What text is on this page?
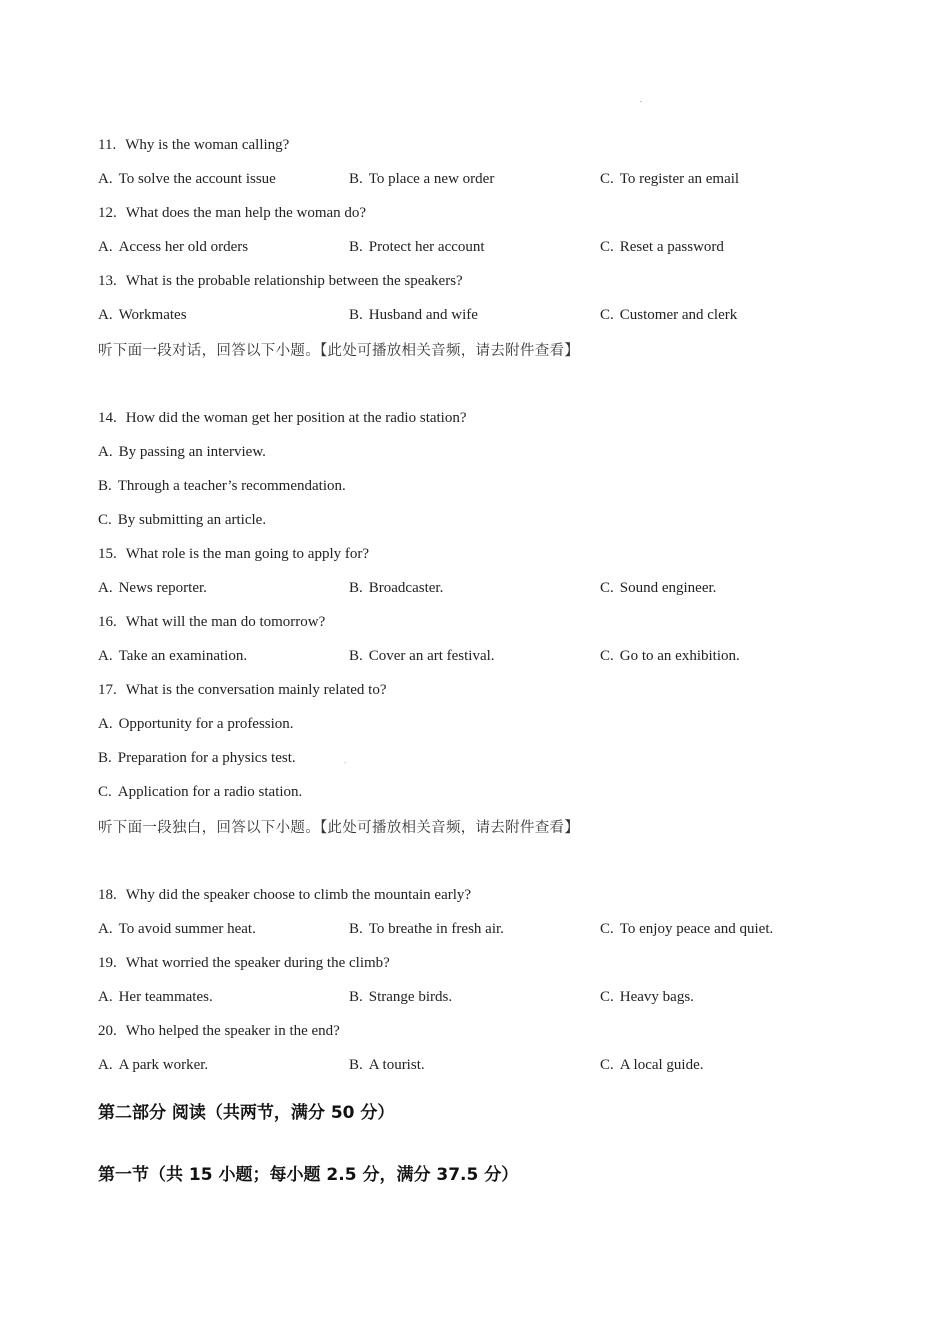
11. Why is the woman calling?
A. To solve the account issue	B. To place a new order	C. To register an email
12. What does the man help the woman do?
A. Access her old orders	B. Protect her account	C. Reset a password
13. What is the probable relationship between the speakers?
A. Workmates	B. Husband and wife	C. Customer and clerk
听下面一段对话，回答以下小题。【此处可播放相关音频，请去附件查看】
14. How did the woman get her position at the radio station?
A. By passing an interview.
B. Through a teacher’s recommendation.
C. By submitting an article.
15. What role is the man going to apply for?
A. News reporter.	B. Broadcaster.	C. Sound engineer.
16. What will the man do tomorrow?
A. Take an examination.	B. Cover an art festival.	C. Go to an exhibition.
17. What is the conversation mainly related to?
A. Opportunity for a profession.
B. Preparation for a physics test.
C. Application for a radio station.
听下面一段独白，回答以下小题。【此处可播放相关音频，请去附件查看】
18. Why did the speaker choose to climb the mountain early?
A. To avoid summer heat.	B. To breathe in fresh air.	C. To enjoy peace and quiet.
19. What worried the speaker during the climb?
A. Her teammates.	B. Strange birds.	C. Heavy bags.
20. Who helped the speaker in the end?
A. A park worker.	B. A tourist.	C. A local guide.
第二部分 阅读（共两节，满分 50 分）
第一节（共 15 小题；每小题 2.5 分，满分 37.5 分）
